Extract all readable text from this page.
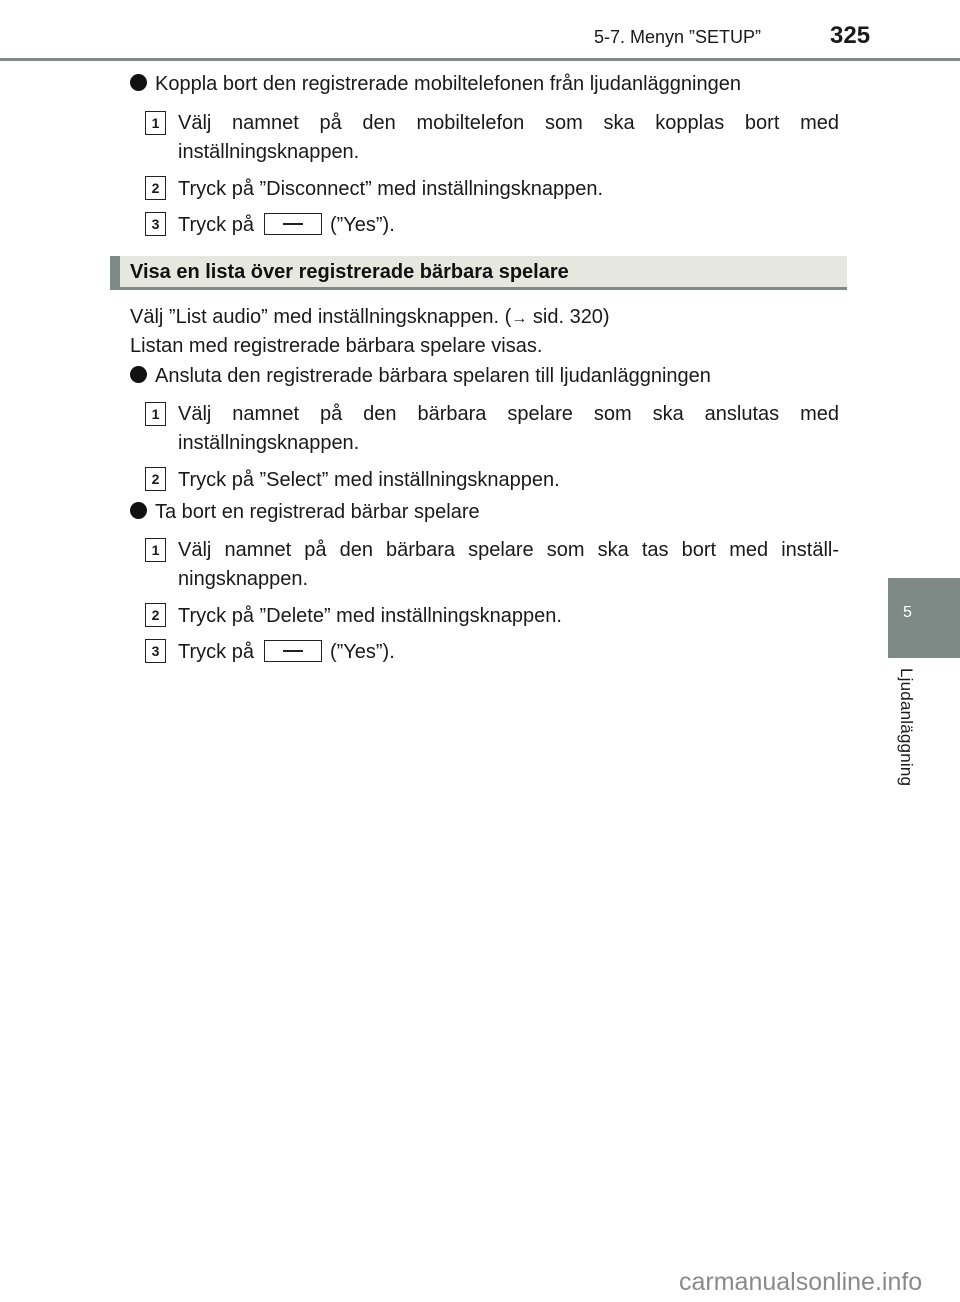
5-7. Menyn ”SETUP”	325
5
Ljudanläggning
Koppla bort den registrerade mobiltelefonen från ljudanläggningen
1 Välj namnet på den mobiltelefon som ska kopplas bort med
inställningsknappen.
2 Tryck på ”Disconnect” med inställningsknappen.
3 Tryck på	(”Yes”).
Visa en lista över registrerade bärbara spelare
Välj ”List audio” med inställningsknappen. (→ sid. 320)
Listan med registrerade bärbara spelare visas.
Ansluta den registrerade bärbara spelaren till ljudanläggningen
1 Välj namnet på den bärbara spelare som ska anslutas med
inställningsknappen.
2 Tryck på ”Select” med inställningsknappen.
Ta bort en registrerad bärbar spelare
1 Välj namnet på den bärbara spelare som ska tas bort med inställ-
ningsknappen.
2 Tryck på ”Delete” med inställningsknappen.
3 Tryck på	(”Yes”).
carmanualsonline.info
